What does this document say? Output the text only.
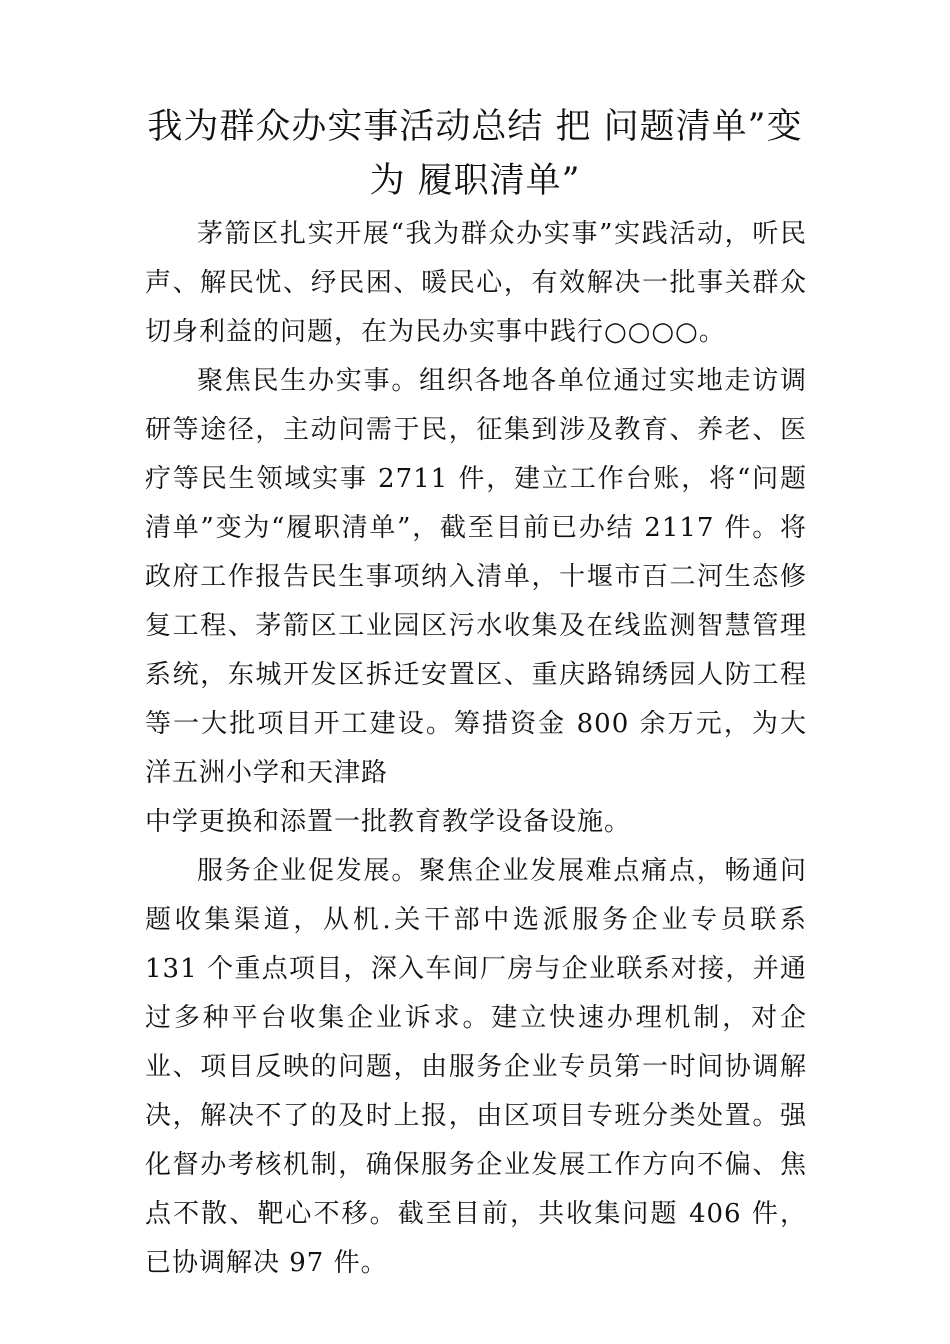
我为群众办实事活动总结 把 问题清单”变
为 履职清单”

茅箭区扎实开展“我为群众办实事”实践活动，听民声、解民忧、纾民困、暖民心，有效解决一批事关群众切身利益的问题，在为民办实事中践行○○○○。

聚焦民生办实事。组织各地各单位通过实地走访调研等途径，主动问需于民，征集到涉及教育、养老、医疗等民生领域实事 2711 件，建立工作台账，将“问题清单”变为“履职清单”，截至目前已办结 2117 件。将政府工作报告民生事项纳入清单，十堰市百二河生态修复工程、茅箭区工业园区污水收集及在线监测智慧管理系统，东城开发区拆迁安置区、重庆路锦绣园人防工程等一大批项目开工建设。筹措资金 800 余万元，为大洋五洲小学和天津路

中学更换和添置一批教育教学设备设施。

服务企业促发展。聚焦企业发展难点痛点，畅通问题收集渠道，从机.关干部中选派服务企业专员联系 131 个重点项目，深入车间厂房与企业联系对接，并通过多种平台收集企业诉求。建立快速办理机制，对企业、项目反映的问题，由服务企业专员第一时间协调解决，解决不了的及时上报，由区项目专班分类处置。强化督办考核机制，确保服务企业发展工作方向不偏、焦点不散、靶心不移。截至目前，共收集问题 406 件，已协调解决 97 件。
